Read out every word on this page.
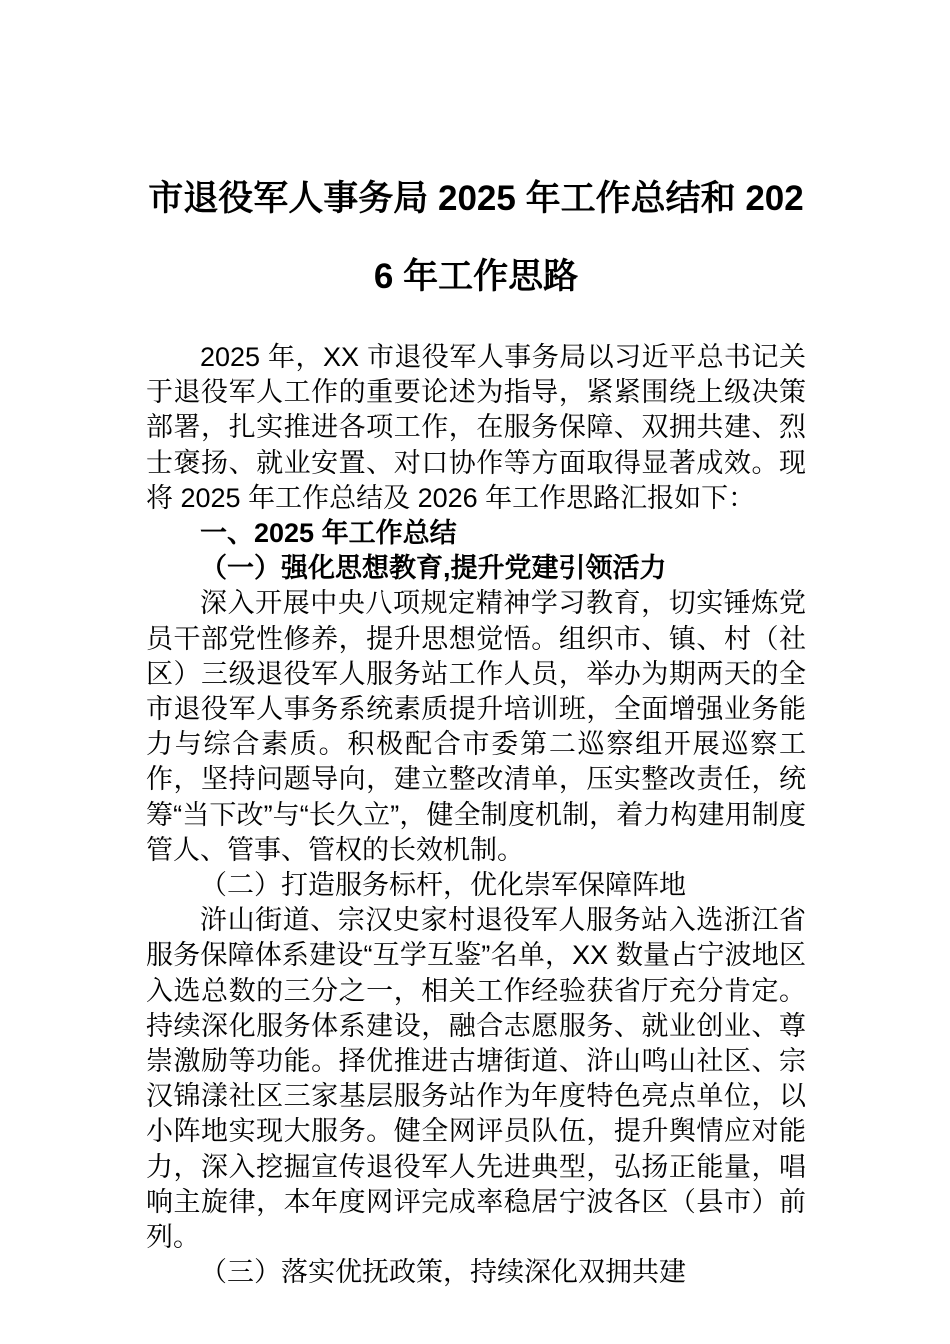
市退役军人事务局 2025 年工作总结和 2026 年工作思路

2025 年，XX 市退役军人事务局以习近平总书记关于退役军人工作的重要论述为指导，紧紧围绕上级决策部署，扎实推进各项工作，在服务保障、双拥共建、烈士褒扬、就业安置、对口协作等方面取得显著成效。现将 2025 年工作总结及 2026 年工作思路汇报如下：

一、2025 年工作总结

（一）强化思想教育,提升党建引领活力

深入开展中央八项规定精神学习教育，切实锤炼党员干部党性修养，提升思想觉悟。组织市、镇、村（社区）三级退役军人服务站工作人员，举办为期两天的全市退役军人事务系统素质提升培训班，全面增强业务能力与综合素质。积极配合市委第二巡察组开展巡察工作，坚持问题导向，建立整改清单，压实整改责任，统筹“当下改”与“长久立”，健全制度机制，着力构建用制度管人、管事、管权的长效机制。

（二）打造服务标杆，优化崇军保障阵地

浒山街道、宗汉史家村退役军人服务站入选浙江省服务保障体系建设“互学互鉴”名单，XX 数量占宁波地区入选总数的三分之一，相关工作经验获省厅充分肯定。持续深化服务体系建设，融合志愿服务、就业创业、尊崇激励等功能。择优推进古塘街道、浒山鸣山社区、宗汉锦漾社区三家基层服务站作为年度特色亮点单位，以小阵地实现大服务。健全网评员队伍，提升舆情应对能力，深入挖掘宣传退役军人先进典型，弘扬正能量，唱响主旋律，本年度网评完成率稳居宁波各区（县市）前列。

（三）落实优抚政策，持续深化双拥共建
